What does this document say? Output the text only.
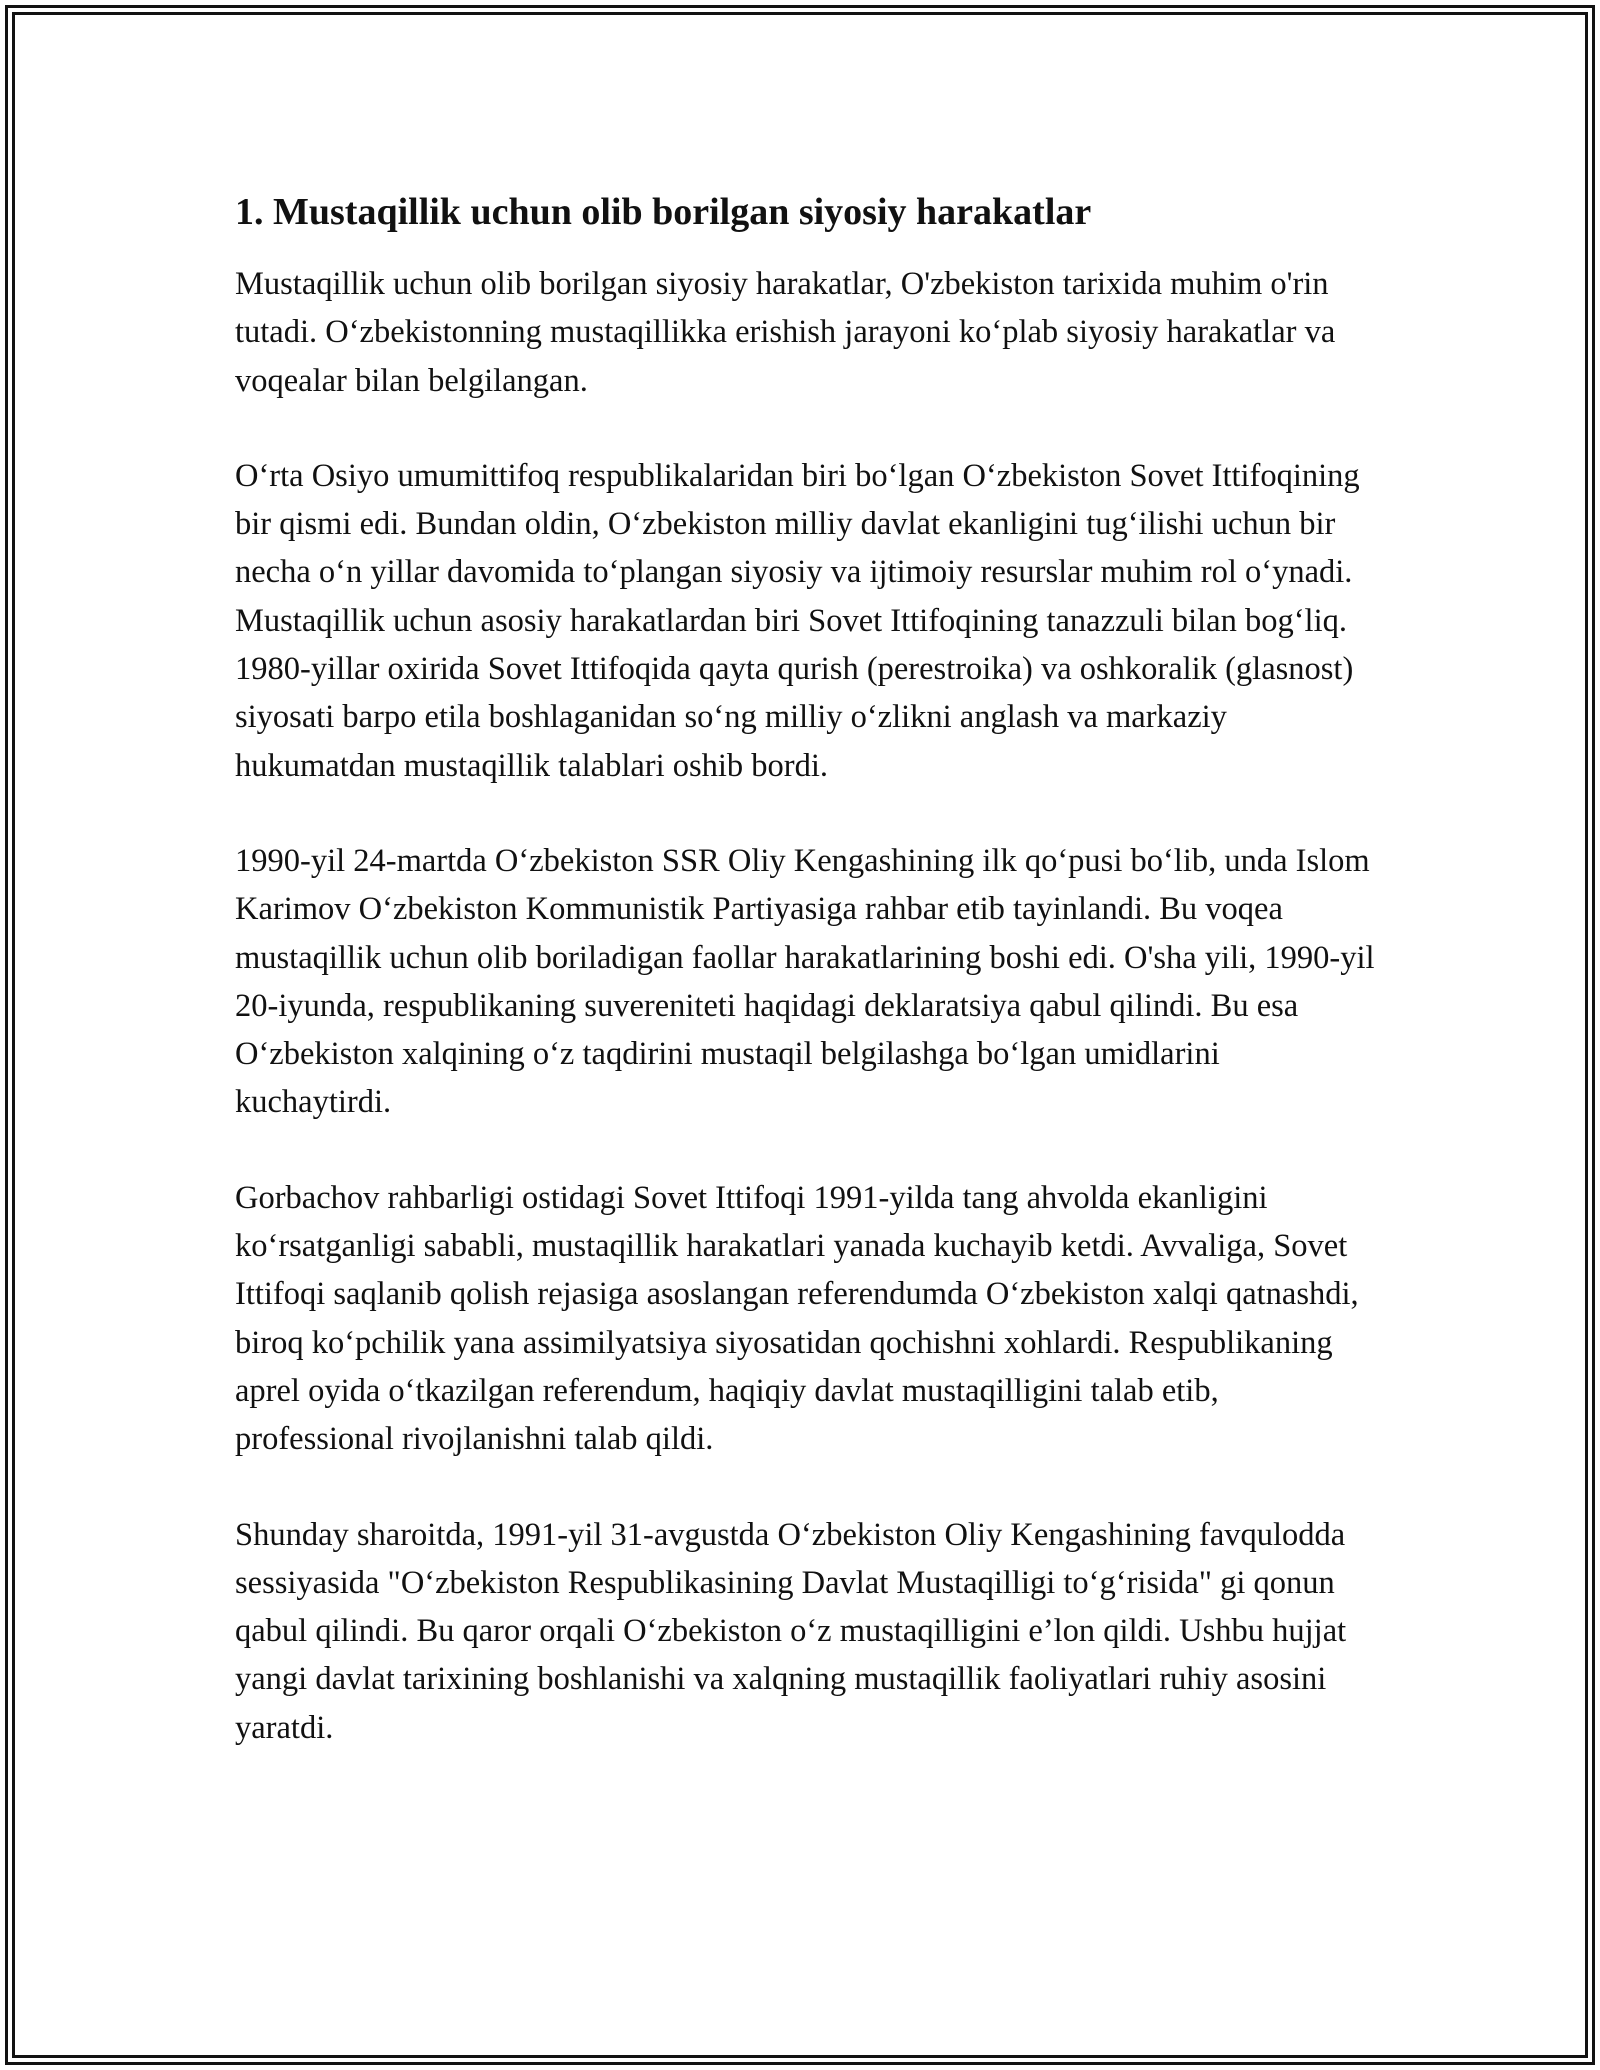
1. Mustaqillik uchun olib borilgan siyosiy harakatlar

Mustaqillik uchun olib borilgan siyosiy harakatlar, O'zbekiston tarixida muhim o'rin tutadi. O‘zbekistonning mustaqillikka erishish jarayoni ko‘plab siyosiy harakatlar va voqealar bilan belgilangan.

O‘rta Osiyo umumittifoq respublikalaridan biri bo‘lgan O‘zbekiston Sovet Ittifoqining bir qismi edi. Bundan oldin, O‘zbekiston milliy davlat ekanligini tug‘ilishi uchun bir necha o‘n yillar davomida to‘plangan siyosiy va ijtimoiy resurslar muhim rol o‘ynadi. Mustaqillik uchun asosiy harakatlardan biri Sovet Ittifoqining tanazzuli bilan bog‘liq. 1980-yillar oxirida Sovet Ittifoqida qayta qurish (perestroika) va oshkoralik (glasnost) siyosati barpo etila boshlaganidan so‘ng milliy o‘zlikni anglash va markaziy hukumatdan mustaqillik talablari oshib bordi.

1990-yil 24-martda O‘zbekiston SSR Oliy Kengashining ilk qo‘pusi bo‘lib, unda Islom Karimov O‘zbekiston Kommunistik Partiyasiga rahbar etib tayinlandi. Bu voqea mustaqillik uchun olib boriladigan faollar harakatlarining boshi edi. O'sha yili, 1990-yil 20-iyunda, respublikaning suvereniteti haqidagi deklaratsiya qabul qilindi. Bu esa O‘zbekiston xalqining o‘z taqdirini mustaqil belgilashga bo‘lgan umidlarini kuchaytirdi.

Gorbachov rahbarligi ostidagi Sovet Ittifoqi 1991-yilda tang ahvolda ekanligini ko‘rsatganligi sababli, mustaqillik harakatlari yanada kuchayib ketdi. Avvaliga, Sovet Ittifoqi saqlanib qolish rejasiga asoslangan referendumda O‘zbekiston xalqi qatnashdi, biroq ko‘pchilik yana assimilyatsiya siyosatidan qochishni xohlardi. Respublikaning aprel oyida o‘tkazilgan referendum, haqiqiy davlat mustaqilligini talab etib, professional rivojlanishni talab qildi.

Shunday sharoitda, 1991-yil 31-avgustda O‘zbekiston Oliy Kengashining favqulodda sessiyasida "O‘zbekiston Respublikasining Davlat Mustaqilligi to‘g‘risida" gi qonun qabul qilindi. Bu qaror orqali O‘zbekiston o‘z mustaqilligini e’lon qildi. Ushbu hujjat yangi davlat tarixining boshlanishi va xalqning mustaqillik faoliyatlari ruhiy asosini yaratdi.
